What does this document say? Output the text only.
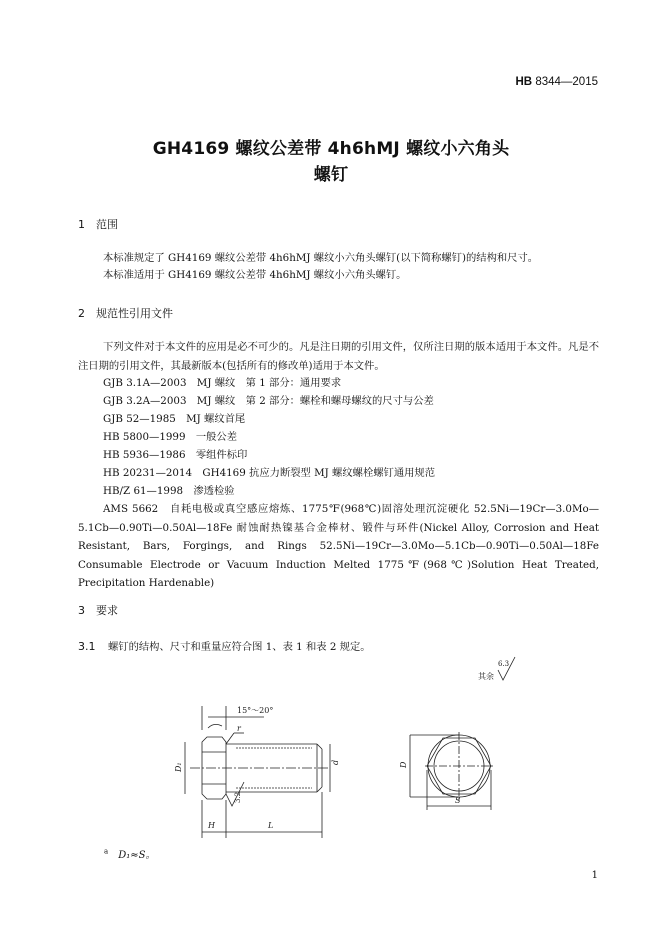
HB 8344—2015
GH4169 螺纹公差带 4h6hMJ 螺纹小六角头
螺钉
1 范围
本标准规定了 GH4169 螺纹公差带 4h6hMJ 螺纹小六角头螺钉(以下简称螺钉)的结构和尺寸。
本标准适用于 GH4169 螺纹公差带 4h6hMJ 螺纹小六角头螺钉。
2 规范性引用文件
下列文件对于本文件的应用是必不可少的。凡是注日期的引用文件，仅所注日期的版本适用于本文件。凡是不注日期的引用文件，其最新版本(包括所有的修改单)适用于本文件。
GJB 3.1A—2003　MJ 螺纹　第 1 部分：通用要求
GJB 3.2A—2003　MJ 螺纹　第 2 部分：螺栓和螺母螺纹的尺寸与公差
GJB 52—1985　MJ 螺纹首尾
HB 5800—1999　一般公差
HB 5936—1986　零组件标印
HB 20231—2014　GH4169 抗应力断裂型 MJ 螺纹螺栓螺钉通用规范
HB/Z 61—1998　渗透检验
AMS 5662　自耗电极或真空感应熔炼、1775℉(968℃)固溶处理沉淀硬化 52.5Ni—19Cr—3.0Mo—5.1Cb—0.90Ti—0.50Al—18Fe 耐蚀耐热镍基合金棒材、锻件与环件(Nickel Alloy, Corrosion and Heat Resistant, Bars, Forgings, and Rings 52.5Ni—19Cr—3.0Mo—5.1Cb—0.90Ti—0.50Al—18Fe Consumable Electrode or Vacuum Induction Melted 1775℉(968℃)Solution Heat Treated, Precipitation Hardenable)
3 要求
3.1 螺钉的结构、尺寸和重量应符合图 1、表 1 和表 2 规定。
其余
6.3
15°～20°
r
D₁	d
3.2
H	L
D
S
$^a$　 D₁≈S。
1
